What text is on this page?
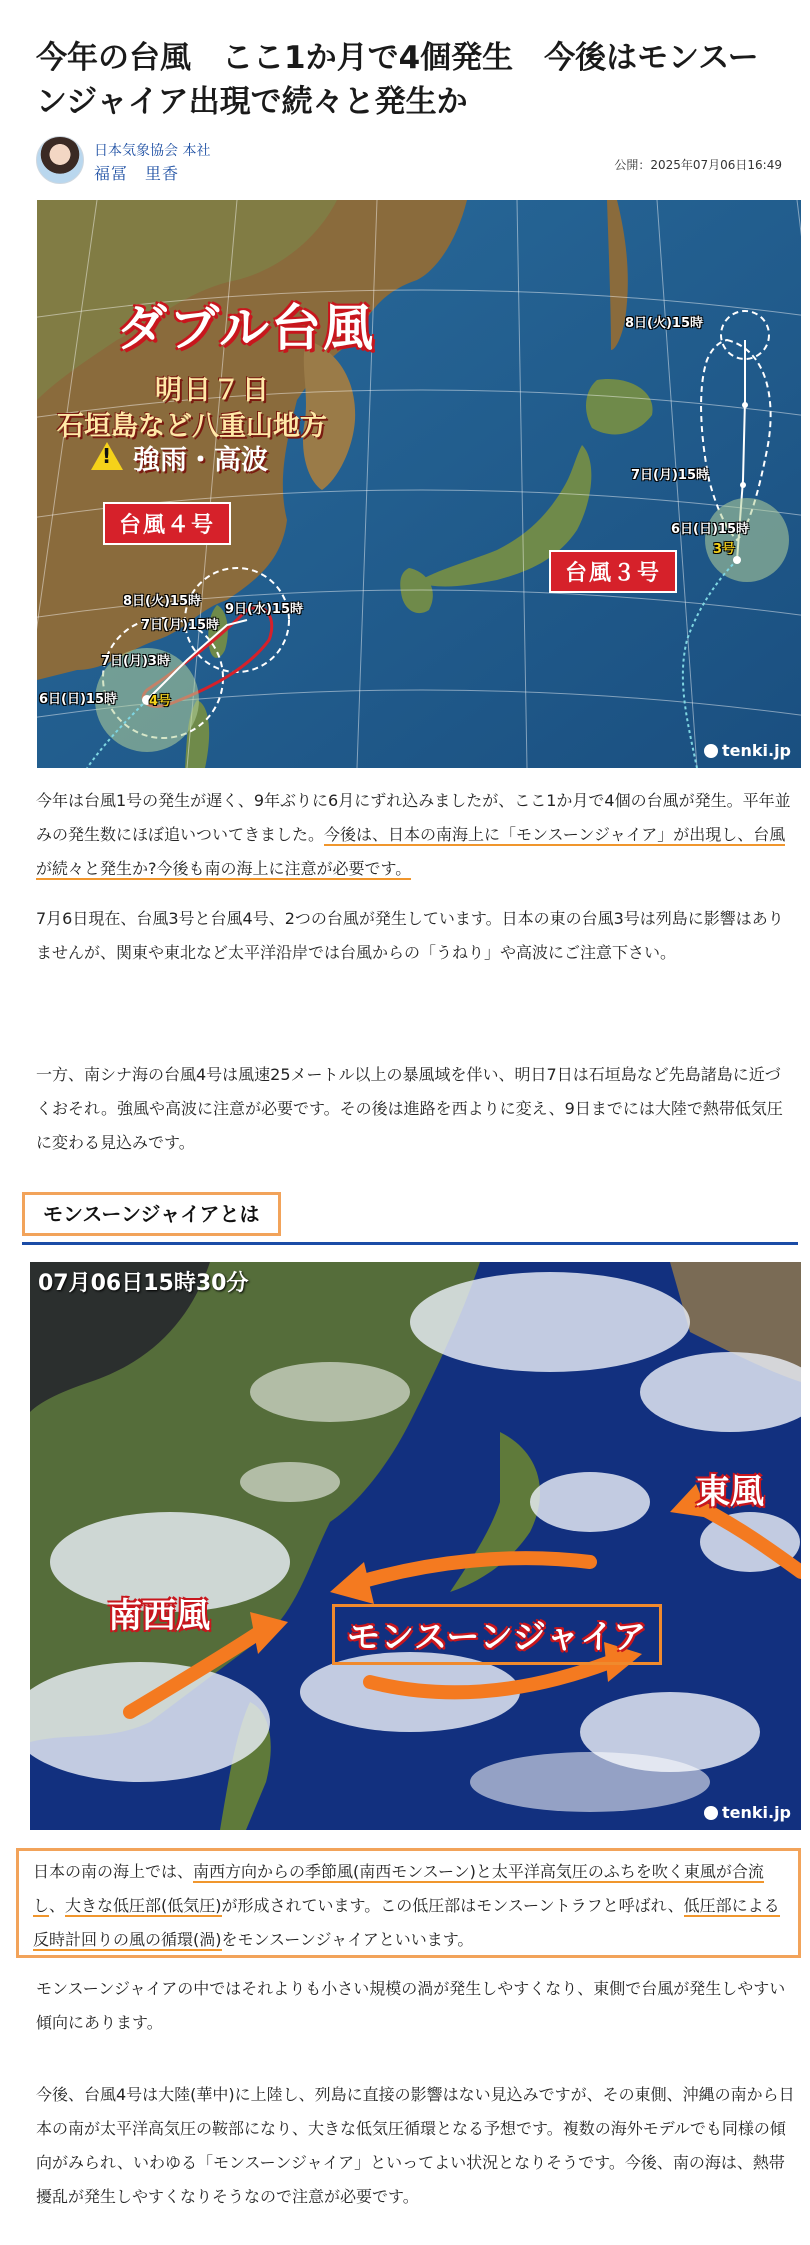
今年の台風　ここ1か月で4個発生　今後はモンスーンジャイア出現で続々と発生か
日本気象協会 本社
福冨　里香	公開：2025年07月06日16:49
ダブル台風
明日７日
石垣島など八重山地方
! 強雨・高波
台風４号
台風３号
8日(火)15時
7日(月)15時
6日(日)15時
3号
8日(火)15時
9日(水)15時
7日(月)15時
7日(月)3時
6日(日)15時 4号
tenki.jp

今年は台風1号の発生が遅く、9年ぶりに6月にずれ込みましたが、ここ1か月で4個の台風が発生。平年並みの発生数にほぼ追いついてきました。今後は、日本の南海上に「モンスーンジャイア」が出現し、台風が続々と発生か?今後も南の海上に注意が必要です。

7月6日現在、台風3号と台風4号、2つの台風が発生しています。日本の東の台風3号は列島に影響はありませんが、関東や東北など太平洋沿岸では台風からの「うねり」や高波にご注意下さい。

一方、南シナ海の台風4号は風速25メートル以上の暴風域を伴い、明日7日は石垣島など先島諸島に近づくおそれ。強風や高波に注意が必要です。その後は進路を西よりに変え、9日までには大陸で熱帯低気圧に変わる見込みです。

モンスーンジャイアとは
07月06日15時30分
東風
南西風
モンスーンジャイア
tenki.jp

日本の南の海上では、南西方向からの季節風(南西モンスーン)と太平洋高気圧のふちを吹く東風が合流し、大きな低圧部(低気圧)が形成されています。この低圧部はモンスーントラフと呼ばれ、低圧部による反時計回りの風の循環(渦)をモンスーンジャイアといいます。

モンスーンジャイアの中ではそれよりも小さい規模の渦が発生しやすくなり、東側で台風が発生しやすい傾向にあります。

今後、台風4号は大陸(華中)に上陸し、列島に直接の影響はない見込みですが、その東側、沖縄の南から日本の南が太平洋高気圧の鞍部になり、大きな低気圧循環となる予想です。複数の海外モデルでも同様の傾向がみられ、いわゆる「モンスーンジャイア」といってよい状況となりそうです。今後、南の海は、熱帯擾乱が発生しやすくなりそうなので注意が必要です。
